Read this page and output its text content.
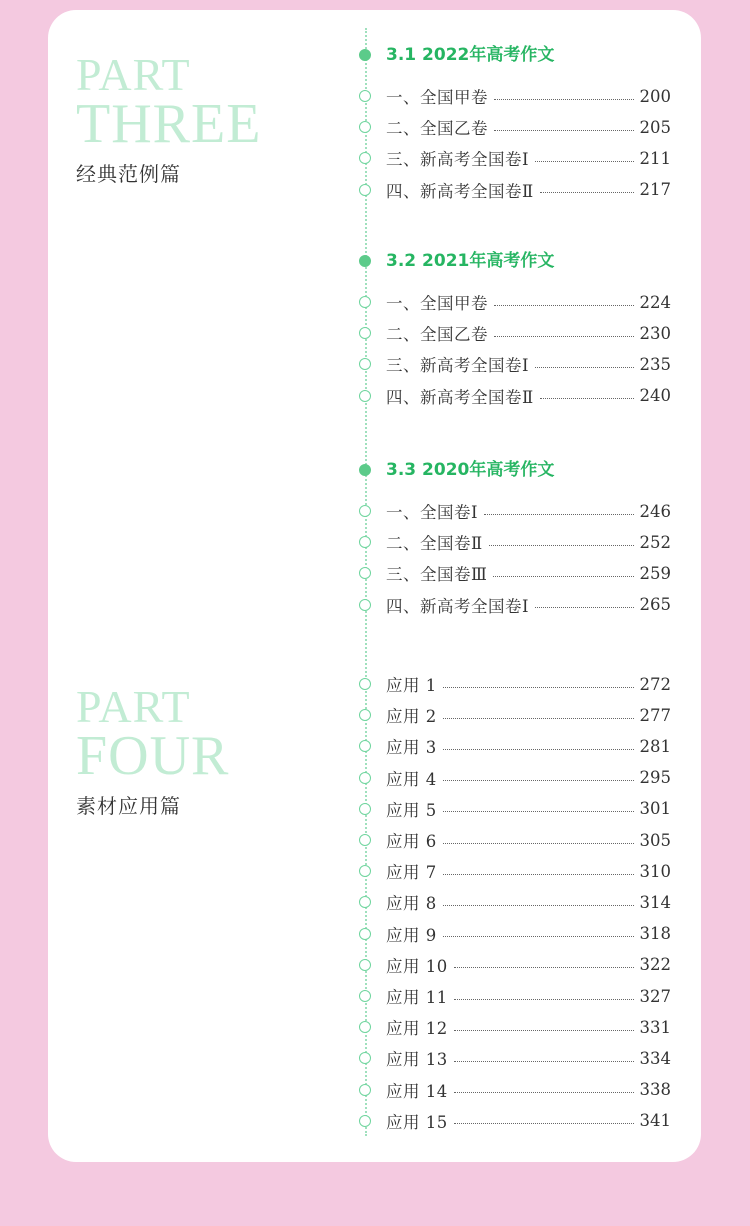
PART
THREE
经典范例篇
PART
FOUR
素材应用篇
3.1 2022年高考作文
一、全国甲卷	200
二、全国乙卷	205
三、新高考全国卷Ⅰ	211
四、新高考全国卷Ⅱ	217
3.2 2021年高考作文
一、全国甲卷	224
二、全国乙卷	230
三、新高考全国卷Ⅰ	235
四、新高考全国卷Ⅱ	240
3.3 2020年高考作文
一、全国卷Ⅰ	246
二、全国卷Ⅱ	252
三、全国卷Ⅲ	259
四、新高考全国卷Ⅰ	265
应用 1	272
应用 2	277
应用 3	281
应用 4	295
应用 5	301
应用 6	305
应用 7	310
应用 8	314
应用 9	318
应用 10	322
应用 11	327
应用 12	331
应用 13	334
应用 14	338
应用 15	341
